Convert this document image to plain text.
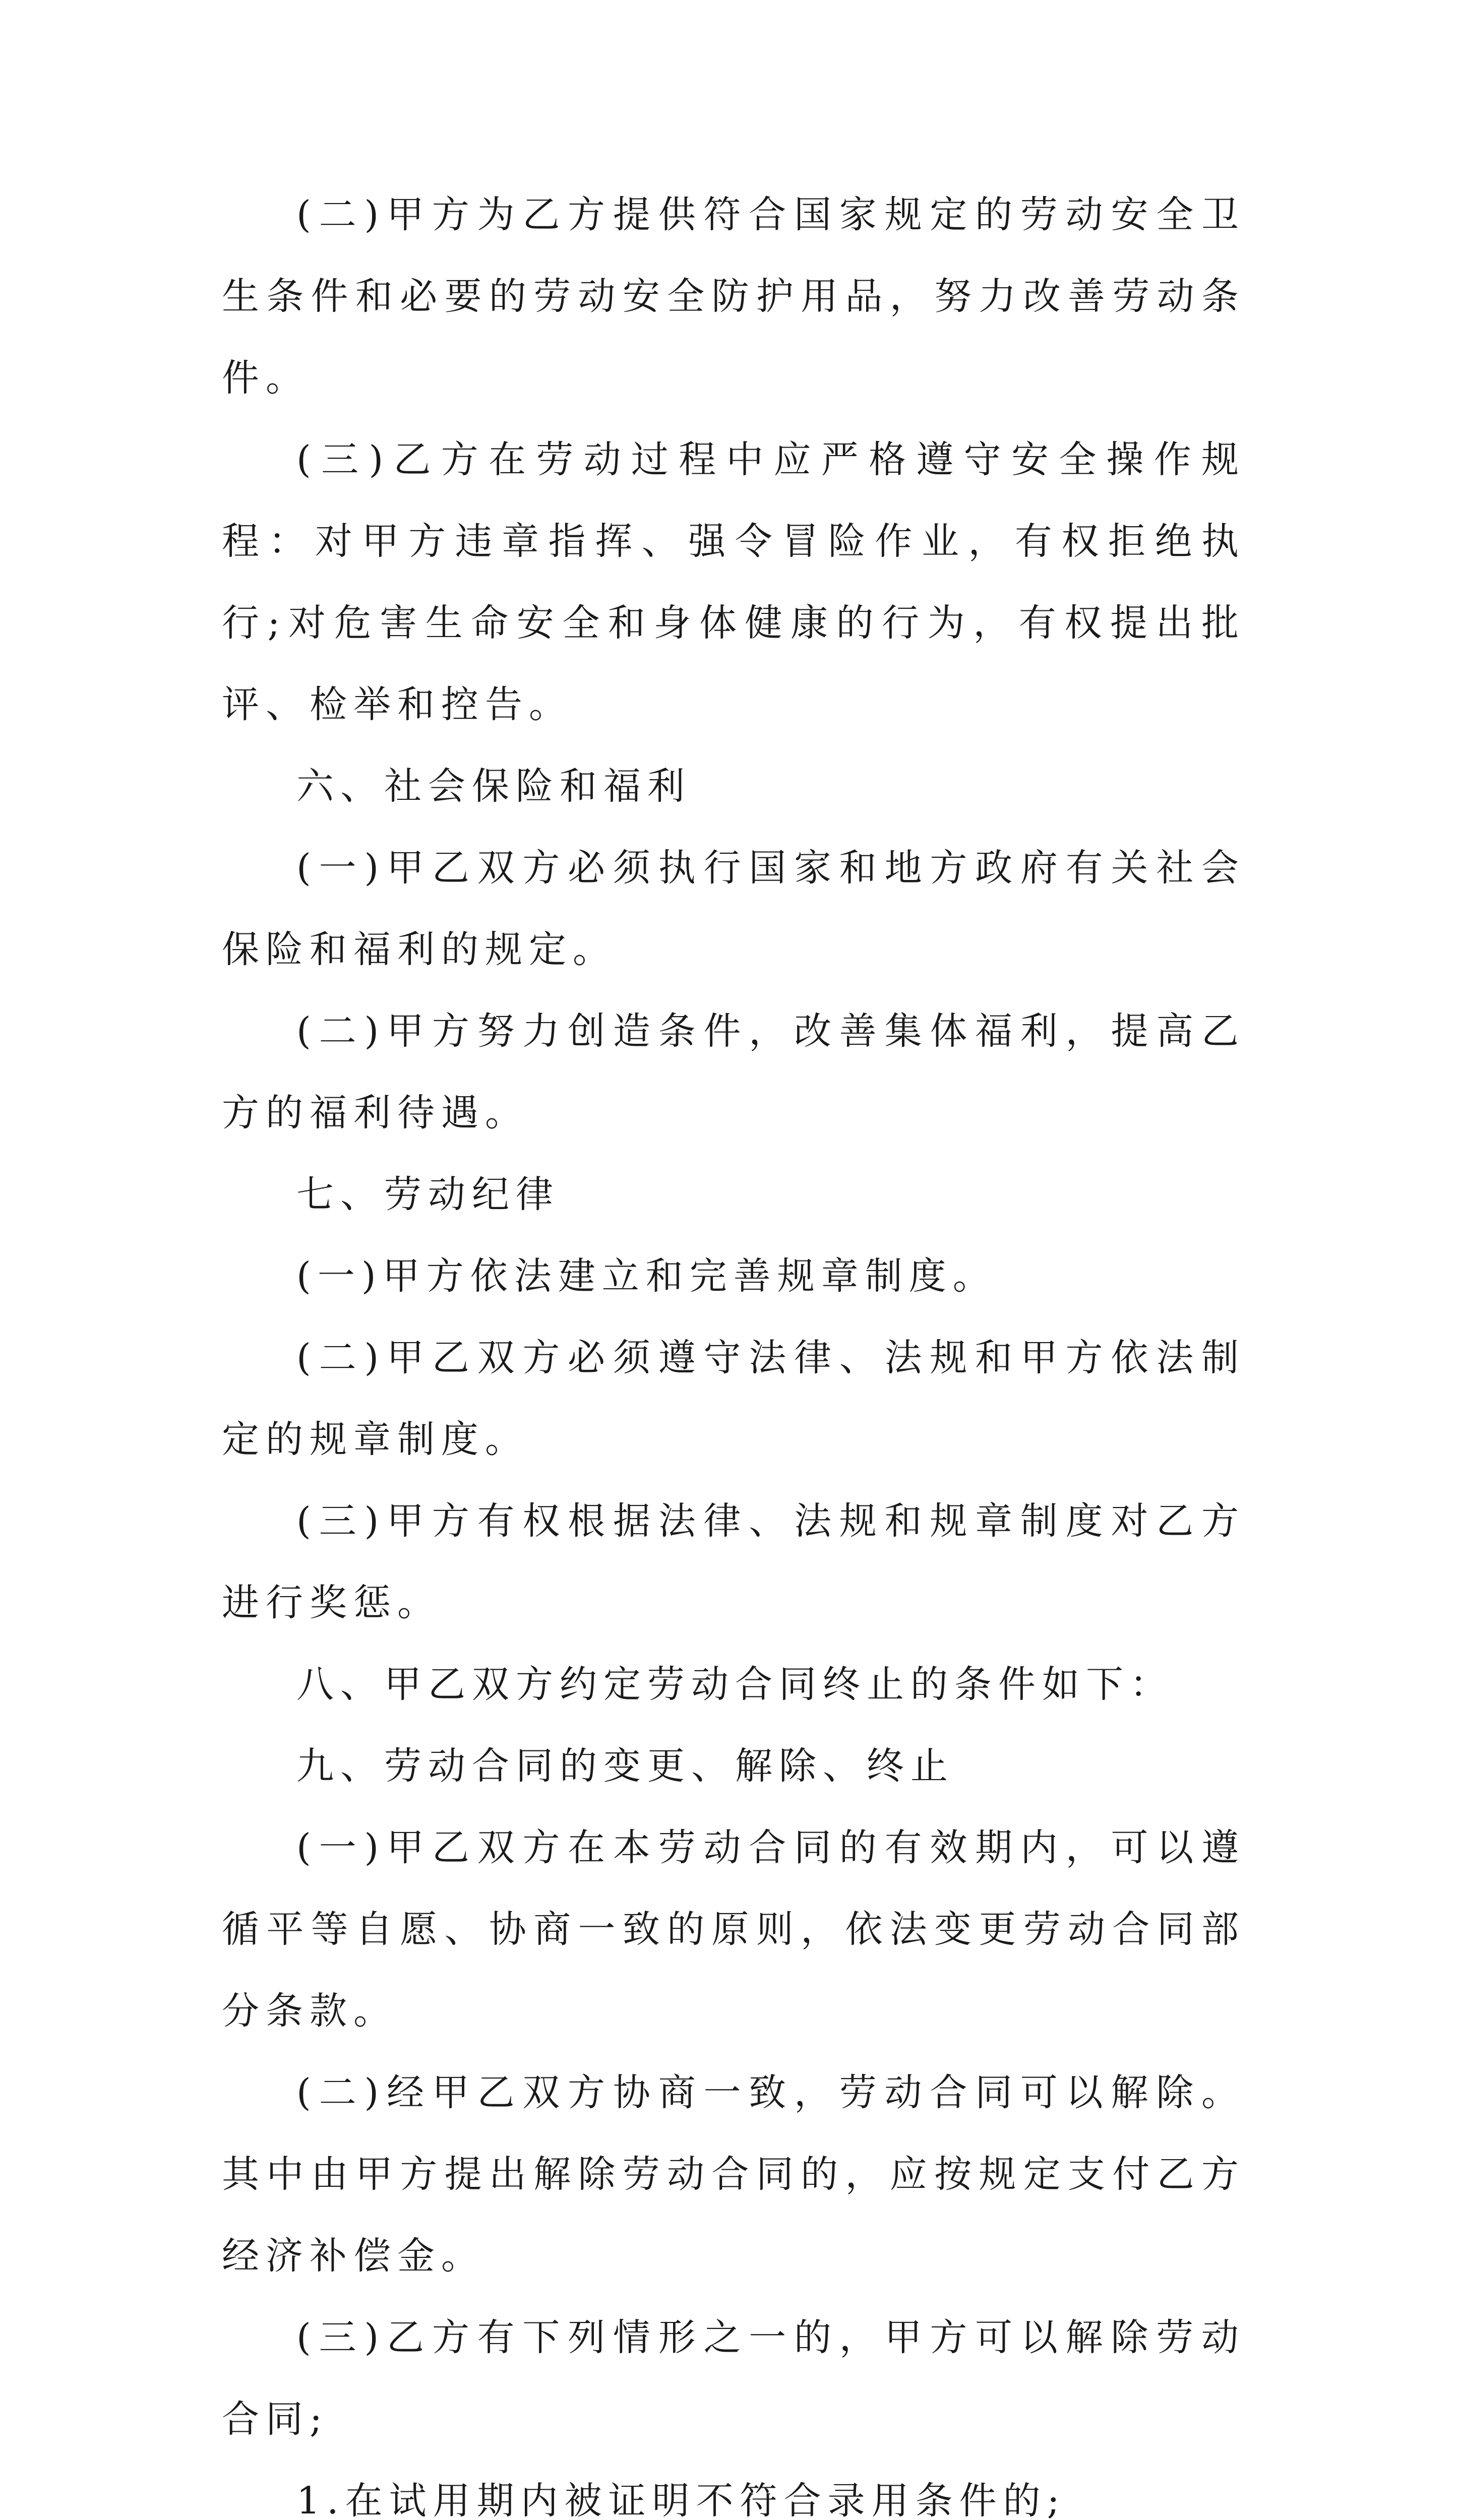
(二)甲方为乙方提供符合国家规定的劳动安全卫生条件和必要的劳动安全防护用品，努力改善劳动条件。

(三)乙方在劳动过程中应严格遵守安全操作规程：对甲方违章指挥、强令冒险作业，有权拒绝执行;对危害生命安全和身体健康的行为，有权提出批评、检举和控告。

六、社会保险和福利

(一)甲乙双方必须执行国家和地方政府有关社会保险和福利的规定。

(二)甲方努力创造条件，改善集体福利，提高乙方的福利待遇。

七、劳动纪律

(一)甲方依法建立和完善规章制度。

(二)甲乙双方必须遵守法律、法规和甲方依法制定的规章制度。

(三)甲方有权根据法律、法规和规章制度对乙方进行奖惩。

八、甲乙双方约定劳动合同终止的条件如下：

九、劳动合同的变更、解除、终止

(一)甲乙双方在本劳动合同的有效期内，可以遵循平等自愿、协商一致的原则，依法变更劳动合同部分条款。

(二)经甲乙双方协商一致，劳动合同可以解除。其中由甲方提出解除劳动合同的，应按规定支付乙方经济补偿金。

(三)乙方有下列情形之一的，甲方可以解除劳动合同;

1.在试用期内被证明不符合录用条件的;
